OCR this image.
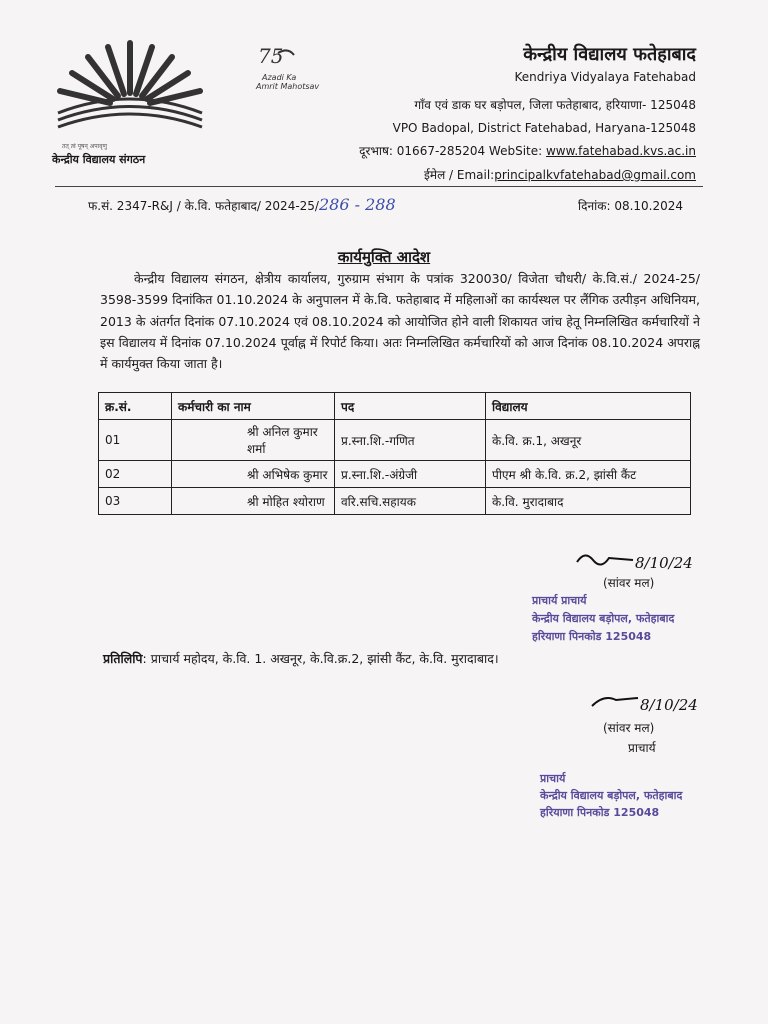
तत् त्वं पूषन् अपावृणु
केन्द्रीय विद्यालय संगठन
75
Azadi Ka
Amrit Mahotsav
केन्द्रीय विद्यालय फतेहाबाद
Kendriya Vidyalaya Fatehabad
गाँव एवं डाक घर बड़ोपल, जिला फतेहाबाद, हरियाणा- 125048
VPO Badopal, District Fatehabad, Haryana-125048
दूरभाष: 01667-285204 WebSite: www.fatehabad.kvs.ac.in
ईमेल / Email:principalkvfatehabad@gmail.com
फ.सं. 2347-R&J / के.वि. फतेहाबाद/ 2024-25/286 - 288	दिनांक: 08.10.2024
कार्यमुक्ति आदेश
केन्द्रीय विद्यालय संगठन, क्षेत्रीय कार्यालय, गुरुग्राम संभाग के पत्रांक 320030/ विजेता चौधरी/ के.वि.सं./ 2024-25/ 3598-3599 दिनांकित 01.10.2024 के अनुपालन में के.वि. फतेहाबाद में महिलाओं का कार्यस्थल पर लैंगिक उत्पीड़न अधिनियम, 2013 के अंतर्गत दिनांक 07.10.2024 एवं 08.10.2024 को आयोजित होने वाली शिकायत जांच हेतू निम्नलिखित कर्मचारियों ने इस विद्यालय में दिनांक 07.10.2024 पूर्वाह्न में रिपोर्ट किया। अतः निम्नलिखित कर्मचारियों को आज दिनांक 08.10.2024 अपराह्न में कार्यमुक्त किया जाता है।
क्र.सं.	कर्मचारी का नाम	पद	विद्यालय
01	श्री अनिल कुमार शर्मा	प्र.स्ना.शि.-गणित	के.वि. क्र.1, अखनूर
02	श्री अभिषेक कुमार	प्र.स्ना.शि.-अंग्रेजी	पीएम श्री के.वि. क्र.2, झांसी कैंट
03	श्री मोहित श्योराण	वरि.सचि.सहायक	के.वि. मुरादाबाद
8/10/24
(सांवर मल)
प्राचार्य प्राचार्य
केन्द्रीय विद्यालय बड़ोपल, फतेहाबाद
हरियाणा पिनकोड 125048
प्रतिलिपि: प्राचार्य महोदय, के.वि. 1. अखनूर, के.वि.क्र.2, झांसी कैंट, के.वि. मुरादाबाद।
8/10/24
(सांवर मल)
प्राचार्य
प्राचार्य
केन्द्रीय विद्यालय बड़ोपल, फतेहाबाद
हरियाणा पिनकोड 125048
